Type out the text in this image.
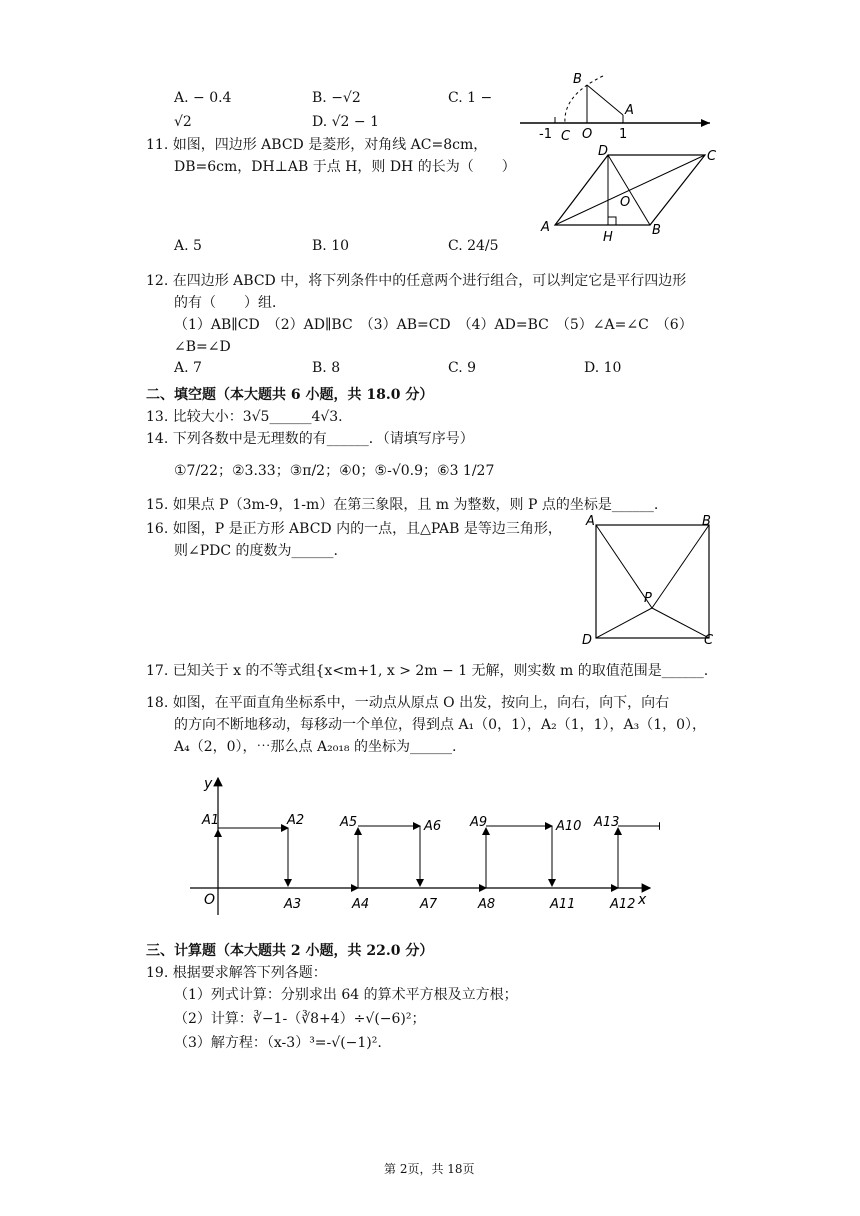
A. − 0.4	B. −√2	C. 1 −
√2	D. √2 − 1
B
A
-1 C O 1
11. 如图，四边形 ABCD 是菱形，对角线 AC=8cm，
DB=6cm，DH⊥AB 于点 H，则 DH 的长为（　　）
D	C
O
A
H	B
A. 5	B. 10	C. 24/5
12. 在四边形 ABCD 中，将下列条件中的任意两个进行组合，可以判定它是平行四边形
的有（　　）组．
（1）AB∥CD　（2）AD∥BC　（3）AB=CD　（4）AD=BC　（5）∠A=∠C　（6）
∠B=∠D
A. 7	B. 8	C. 9	D. 10
二、填空题（本大题共 6 小题，共 18.0 分）
13. 比较大小：3√5______4√3.
14. 下列各数中是无理数的有______．（请填写序号）
①7/22；②3.33；③π/2；④0；⑤-√0.9；⑥3 1/27
15. 如果点 P（3m-9，1-m）在第三象限，且 m 为整数，则 P 点的坐标是______.
16. 如图，P 是正方形 ABCD 内的一点，且△PAB 是等边三角形，
则∠PDC 的度数为______.
A	B
P
D	C
17. 已知关于 x 的不等式组{x<m+1, x > 2m − 1 无解，则实数 m 的取值范围是______.
18. 如图，在平面直角坐标系中，一动点从原点 O 出发，按向上，向右，向下，向右
的方向不断地移动，每移动一个单位，得到点 A₁（0，1），A₂（1，1），A₃（1，0），
A₄（2，0），⋯那么点 A₂₀₁₈ 的坐标为______.
y
x
O
A1	A2	A5	A6 A9	A10 A13
A3	A4	A7	A8	A11	A12
三、计算题（本大题共 2 小题，共 22.0 分）
19. 根据要求解答下列各题：
（1）列式计算：分别求出 64 的算术平方根及立方根；
（2）计算：∛−1-（∛8+4）÷√(−6)²；
（3）解方程：（x-3）³=-√(−1)².
第 2页，共 18页
